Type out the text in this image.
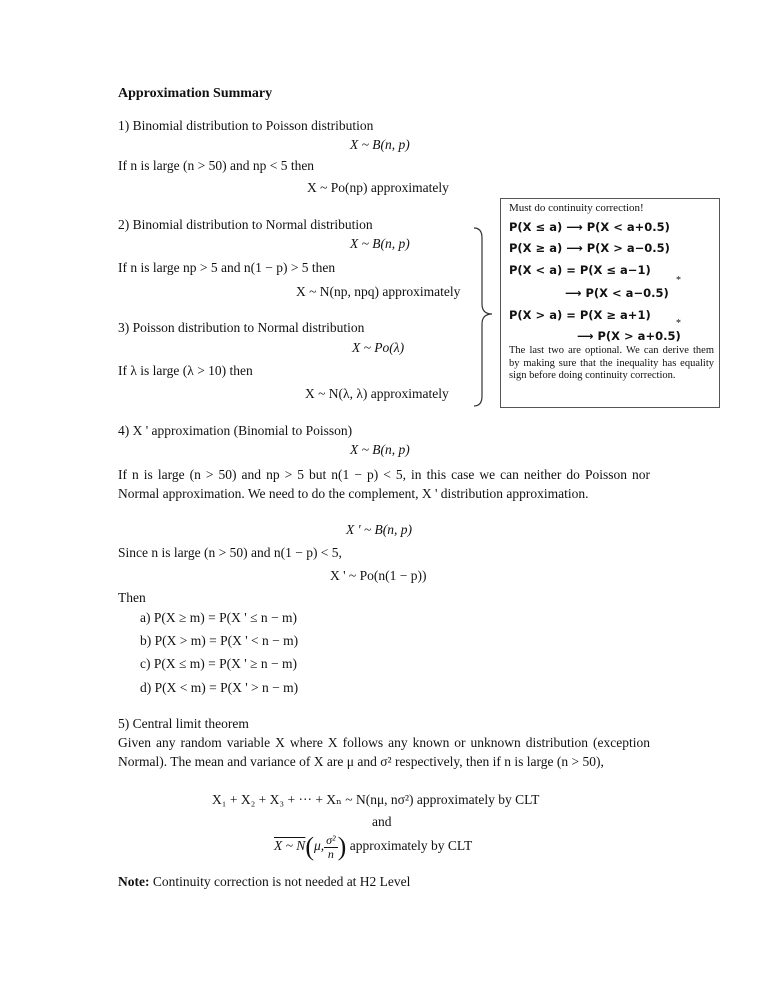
Approximation Summary
1) Binomial distribution to Poisson distribution
X ~ B(n, p)
If n is large (n > 50) and np < 5 then
X ~ Po(np) approximately
2) Binomial distribution to Normal distribution
X ~ B(n, p)
If n is large np > 5 and n(1 − p) > 5 then
X ~ N(np, npq) approximately
3) Poisson distribution to Normal distribution
X ~ Po(λ)
If λ is large (λ > 10) then
X ~ N(λ, λ) approximately
Must do continuity correction!
P(X ≤ a) ⟶ P(X < a+0.5)
P(X ≥ a) ⟶ P(X > a−0.5)
P(X < a) = P(X ≤ a−1)
*
⟶ P(X < a−0.5)
P(X > a) = P(X ≥ a+1)
*
⟶ P(X > a+0.5)
The last two are optional. We can derive them by making sure that the inequality has equality sign before doing continuity correction.
4) X ' approximation (Binomial to Poisson)
X ~ B(n, p)
If n is large (n > 50) and np > 5 but n(1 − p) < 5, in this case we can neither do Poisson nor Normal approximation. We need to do the complement, X ' distribution approximation.
X ' ~ B(n, p)
Since n is large (n > 50) and n(1 − p) < 5,
X ' ~ Po(n(1 − p))
Then
a) P(X ≥ m) = P(X ' ≤ n − m)
b) P(X > m) = P(X ' < n − m)
c) P(X ≤ m) = P(X ' ≥ n − m)
d) P(X < m) = P(X ' > n − m)
5) Central limit theorem
Given any random variable X where X follows any known or unknown distribution (exception Normal). The mean and variance of X are μ and σ² respectively, then if n is large (n > 50),
X₁ + X₂ + X₃ + ··· + Xₙ ~ N(nμ, nσ²) approximately by CLT
and
X ~ N(μ, $\frac{\text{σ²}}{n}$ ) approximately by CLT
Note: Continuity correction is not needed at H2 Level
